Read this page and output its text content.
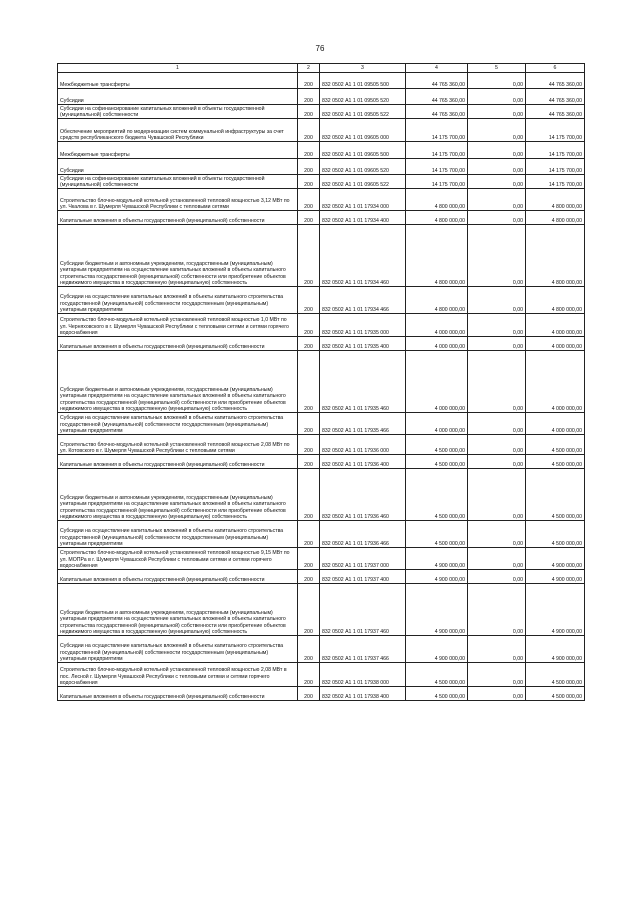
76
1	2	3	4	5	6
Межбюджетные трансферты	200	832 0502 А1 1 01 09505 500	44 765 360,00	0,00	44 765 360,00
Субсидии	200	832 0502 А1 1 01 09505 520	44 765 360,00	0,00	44 765 360,00
Субсидии на софинансирование капитальных вложений в объекты государственной (муниципальной) собственности	200	832 0502 А1 1 01 09505 522	44 765 360,00	0,00	44 765 360,00
Обеспечение мероприятий по модернизации систем коммунальной инфраструктуры за счет средств республиканского бюджета Чувашской Республики	200	832 0502 А1 1 01 09605 000	14 175 700,00	0,00	14 175 700,00
Межбюджетные трансферты	200	832 0502 А1 1 01 09605 500	14 175 700,00	0,00	14 175 700,00
Субсидии	200	832 0502 А1 1 01 09605 520	14 175 700,00	0,00	14 175 700,00
Субсидии на софинансирование капитальных вложений в объекты государственной (муниципальной) собственности	200	832 0502 А1 1 01 09605 522	14 175 700,00	0,00	14 175 700,00
Строительство блочно-модульной котельной установленной тепловой мощностью 3,12 МВт по ул. Чкалова в г. Шумерля Чувашской Республики с тепловыми сетями	200	832 0502 А1 1 01 17934 000	4 800 000,00	0,00	4 800 000,00
Капитальные вложения в объекты государственной (муниципальной) собственности	200	832 0502 А1 1 01 17934 400	4 800 000,00	0,00	4 800 000,00
Субсидии бюджетным и автономным учреждениям, государственным (муниципальным) унитарным предприятиям на осуществление капитальных вложений в объекты капитального строительства государственной (муниципальной) собственности или приобретение объектов недвижимого имущества в государственную (муниципальную) собственность	200	832 0502 А1 1 01 17934 460	4 800 000,00	0,00	4 800 000,00
Субсидии на осуществление капитальных вложений в объекты капитального строительства государственной (муниципальной) собственности государственным (муниципальным) унитарным предприятиям	200	832 0502 А1 1 01 17934 466	4 800 000,00	0,00	4 800 000,00
Строительство блочно-модульной котельной установленной тепловой мощностью 1,0 МВт по ул. Черняховского в г. Шумерля Чувашской Республики с тепловыми сетями и сетями горячего водоснабжения	200	832 0502 А1 1 01 17935 000	4 000 000,00	0,00	4 000 000,00
Капитальные вложения в объекты государственной (муниципальной) собственности	200	832 0502 А1 1 01 17935 400	4 000 000,00	0,00	4 000 000,00
Субсидии бюджетным и автономным учреждениям, государственным (муниципальным) унитарным предприятиям на осуществление капитальных вложений в объекты капитального строительства государственной (муниципальной) собственности или приобретение объектов недвижимого имущества в государственную (муниципальную) собственность	200	832 0502 А1 1 01 17935 460	4 000 000,00	0,00	4 000 000,00
Субсидии на осуществление капитальных вложений в объекты капитального строительства государственной (муниципальной) собственности государственным (муниципальным) унитарным предприятиям	200	832 0502 А1 1 01 17935 466	4 000 000,00	0,00	4 000 000,00
Строительство блочно-модульной котельной установленной тепловой мощностью 2,08 МВт по ул. Котовского в г. Шумерля Чувашской Республики с тепловыми сетями	200	832 0502 А1 1 01 17936 000	4 500 000,00	0,00	4 500 000,00
Капитальные вложения в объекты государственной (муниципальной) собственности	200	832 0502 А1 1 01 17936 400	4 500 000,00	0,00	4 500 000,00
Субсидии бюджетным и автономным учреждениям, государственным (муниципальным) унитарным предприятиям на осуществление капитальных вложений в объекты капитального строительства государственной (муниципальной) собственности или приобретение объектов недвижимого имущества в государственную (муниципальную) собственность	200	832 0502 А1 1 01 17936 460	4 500 000,00	0,00	4 500 000,00
Субсидии на осуществление капитальных вложений в объекты капитального строительства государственной (муниципальной) собственности государственным (муниципальным) унитарным предприятиям	200	832 0502 А1 1 01 17936 466	4 500 000,00	0,00	4 500 000,00
Строительство блочно-модульной котельной установленной тепловой мощностью 9,15 МВт по ул. МОПРа в г. Шумерля Чувашской Республики с тепловыми сетями и сетями горячего водоснабжения	200	832 0502 А1 1 01 17937 000	4 900 000,00	0,00	4 900 000,00
Капитальные вложения в объекты государственной (муниципальной) собственности	200	832 0502 А1 1 01 17937 400	4 900 000,00	0,00	4 900 000,00
Субсидии бюджетным и автономным учреждениям, государственным (муниципальным) унитарным предприятиям на осуществление капитальных вложений в объекты капитального строительства государственной (муниципальной) собственности или приобретение объектов недвижимого имущества в государственную (муниципальную) собственность	200	832 0502 А1 1 01 17937 460	4 900 000,00	0,00	4 900 000,00
Субсидии на осуществление капитальных вложений в объекты капитального строительства государственной (муниципальной) собственности государственным (муниципальным) унитарным предприятиям	200	832 0502 А1 1 01 17937 466	4 900 000,00	0,00	4 900 000,00
Строительство блочно-модульной котельной установленной тепловой мощностью 2,08 МВт в пос. Лесной г. Шумерля Чувашской Республики с тепловыми сетями и сетями горячего водоснабжения	200	832 0502 А1 1 01 17938 000	4 500 000,00	0,00	4 500 000,00
Капитальные вложения в объекты государственной (муниципальной) собственности	200	832 0502 А1 1 01 17938 400	4 500 000,00	0,00	4 500 000,00
